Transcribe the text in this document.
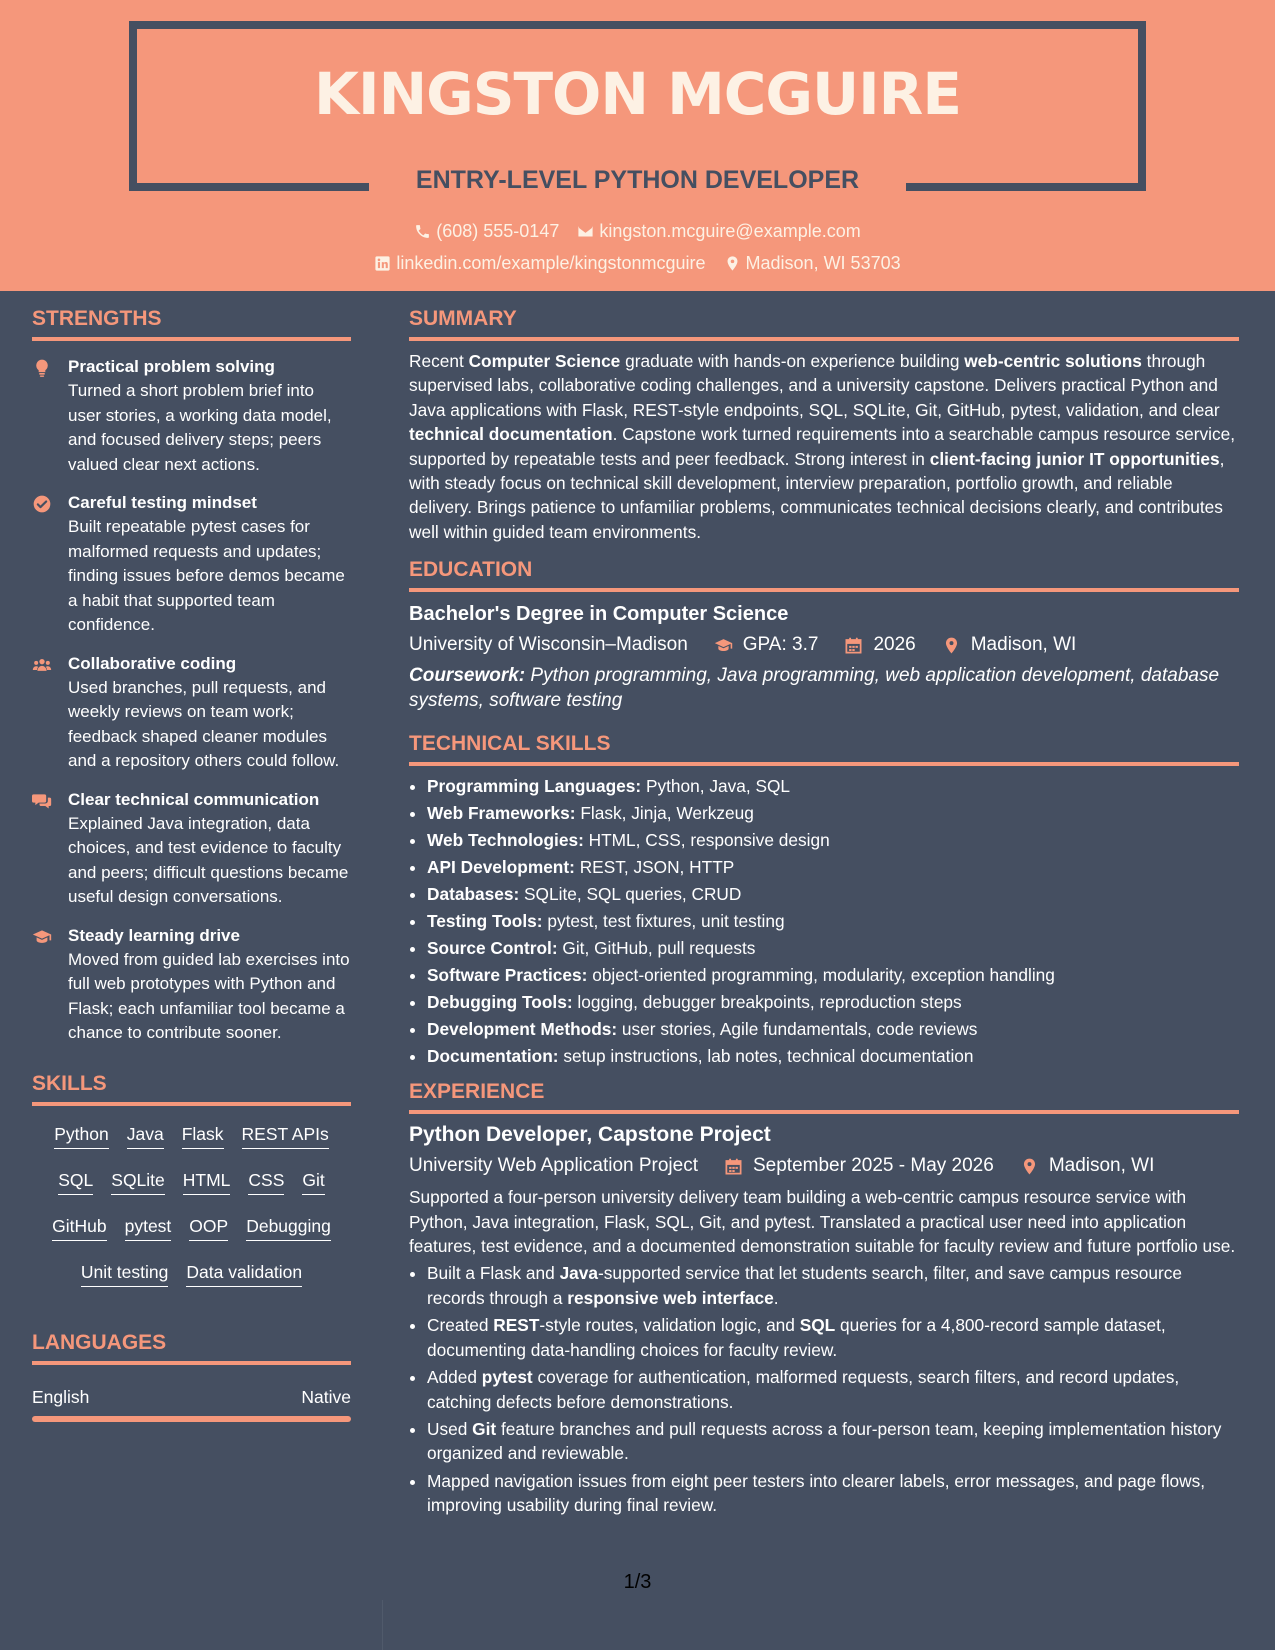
KINGSTON MCGUIRE
ENTRY-LEVEL PYTHON DEVELOPER
(608) 555-0147 kingston.mcguire@example.com
linkedin.com/example/kingstonmcguire Madison, WI 53703
STRENGTHS
Practical problem solving
Turned a short problem brief into user stories, a working data model, and focused delivery steps; peers valued clear next actions.
Careful testing mindset
Built repeatable pytest cases for malformed requests and updates; finding issues before demos became a habit that supported team confidence.
Collaborative coding
Used branches, pull requests, and weekly reviews on team work; feedback shaped cleaner modules and a repository others could follow.
Clear technical communication
Explained Java integration, data choices, and test evidence to faculty and peers; difficult questions became useful design conversations.
Steady learning drive
Moved from guided lab exercises into full web prototypes with Python and Flask; each unfamiliar tool became a chance to contribute sooner.
SKILLS
Python Java Flask REST APIs
SQL SQLite HTML CSS Git
GitHub pytest OOP Debugging
Unit testing Data validation
LANGUAGES
English	Native
SUMMARY

Recent Computer Science graduate with hands-on experience building web-centric solutions through supervised labs, collaborative coding challenges, and a university capstone. Delivers practical Python and Java applications with Flask, REST-style endpoints, SQL, SQLite, Git, GitHub, pytest, validation, and clear technical documentation. Capstone work turned requirements into a searchable campus resource service, supported by repeatable tests and peer feedback. Strong interest in client-facing junior IT opportunities, with steady focus on technical skill development, interview preparation, portfolio growth, and reliable delivery. Brings patience to unfamiliar problems, communicates technical decisions clearly, and contributes well within guided team environments.

EDUCATION
Bachelor's Degree in Computer Science
University of Wisconsin–Madison	GPA: 3.7	2026	Madison, WI
Coursework: Python programming, Java programming, web application development, database systems, software testing
TECHNICAL SKILLS
• Programming Languages: Python, Java, SQL
• Web Frameworks: Flask, Jinja, Werkzeug
• Web Technologies: HTML, CSS, responsive design
• API Development: REST, JSON, HTTP
• Databases: SQLite, SQL queries, CRUD
• Testing Tools: pytest, test fixtures, unit testing
• Source Control: Git, GitHub, pull requests
• Software Practices: object-oriented programming, modularity, exception handling
• Debugging Tools: logging, debugger breakpoints, reproduction steps
• Development Methods: user stories, Agile fundamentals, code reviews
• Documentation: setup instructions, lab notes, technical documentation
EXPERIENCE
Python Developer, Capstone Project
University Web Application Project	September 2025 - May 2026	Madison, WI

Supported a four-person university delivery team building a web-centric campus resource service with Python, Java integration, Flask, SQL, Git, and pytest. Translated a practical user need into application features, test evidence, and a documented demonstration suitable for faculty review and future portfolio use.

• Built a Flask and Java-supported service that let students search, filter, and save campus resource records through a responsive web interface.
• Created REST-style routes, validation logic, and SQL queries for a 4,800-record sample dataset, documenting data-handling choices for faculty review.
• Added pytest coverage for authentication, malformed requests, search filters, and record updates, catching defects before demonstrations.
• Used Git feature branches and pull requests across a four-person team, keeping implementation history organized and reviewable.
• Mapped navigation issues from eight peer testers into clearer labels, error messages, and page flows, improving usability during final review.
1/3
